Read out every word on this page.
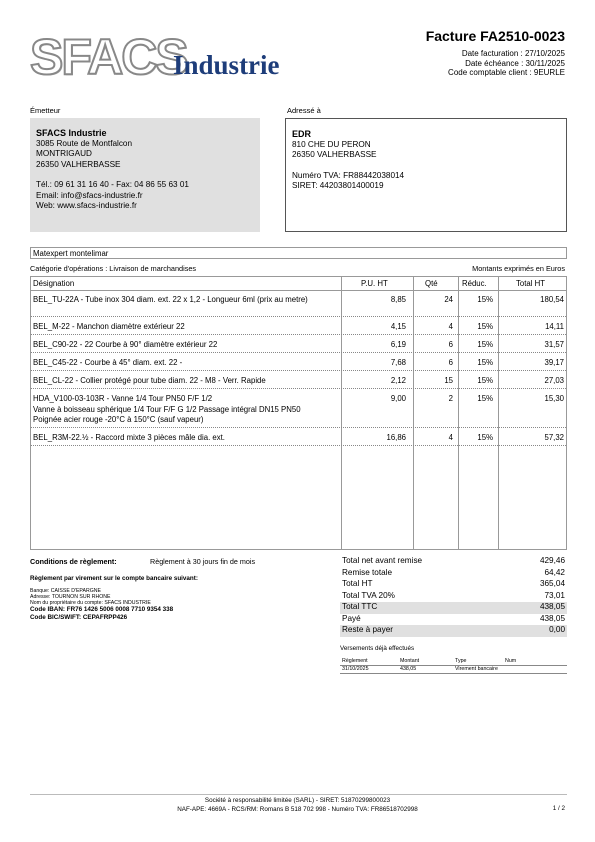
SFACS
Industrie
Facture FA2510-0023
Date facturation : 27/10/2025
Date échéance : 30/11/2025
Code comptable client : 9EURLE
Émetteur	Adressé à
SFACS Industrie
3085 Route de Montfalcon
MONTRIGAUD
26350 VALHERBASSE
Tél.: 09 61 31 16 40 - Fax: 04 86 55 63 01
Email: info@sfacs-industrie.fr
Web: www.sfacs-industrie.fr
EDR
810 CHE DU PERON
26350 VALHERBASSE
Numéro TVA: FR88442038014
SIRET: 44203801400019
Matexpert montelimar
Catégorie d'opérations : Livraison de marchandises	Montants exprimés en Euros
Désignation	P.U. HT	Qté	Réduc.	Total HT
BEL_TU-22A - Tube inox 304 diam. ext. 22 x 1,2 - Longueur 6ml (prix au metre)	8,85	24	15%	180,54
BEL_M-22 - Manchon diamètre extérieur 22	4,15	4	15%	14,11
BEL_C90-22 - 22 Courbe à 90° diamètre extérieur 22	6,19	6	15%	31,57
BEL_C45-22 - Courbe à 45° diam. ext. 22 -	7,68	6	15%	39,17
BEL_CL-22 - Collier protégé pour tube diam. 22 - M8 - Verr. Rapide	2,12	15	15%	27,03
HDA_V100-03-103R - Vanne 1/4 Tour PN50 F/F 1/2
Vanne à boisseau sphérique 1/4 Tour F/F G 1/2 Passage intégral DN15 PN50
Poignée acier rouge -20°C à 150°C (sauf vapeur)
9,00	2	15%	15,30
BEL_R3M-22.½ - Raccord mixte 3 pièces mâle dia. ext.	16,86	4	15%	57,32
Conditions de règlement:	Règlement à 30 jours fin de mois
Règlement par virement sur le compte bancaire suivant:
Banque: CAISSE D'EPARGNE
Adresse: TOURNON SUR RHONE
Nom du propriétaire du compte: SFACS INDUSTRIE
Code IBAN: FR76 1426 5006 0008 7710 9354 338
Code BIC/SWIFT: CEPAFRPP426
Total net avant remise	429,46
Remise totale	64,42
Total HT	365,04
Total TVA 20%	73,01
Total TTC	438,05
Payé	438,05
Reste à payer	0,00
Versements déjà effectués
Règlement	Montant	Type	Num
31/10/2025	438,05	Virement bancaire
Société à responsabilité limitée (SARL) - SIRET: 51870299800023
NAF-APE: 4669A - RCS/RM: Romans B 518 702 998 - Numéro TVA: FR86518702998	1 / 2
